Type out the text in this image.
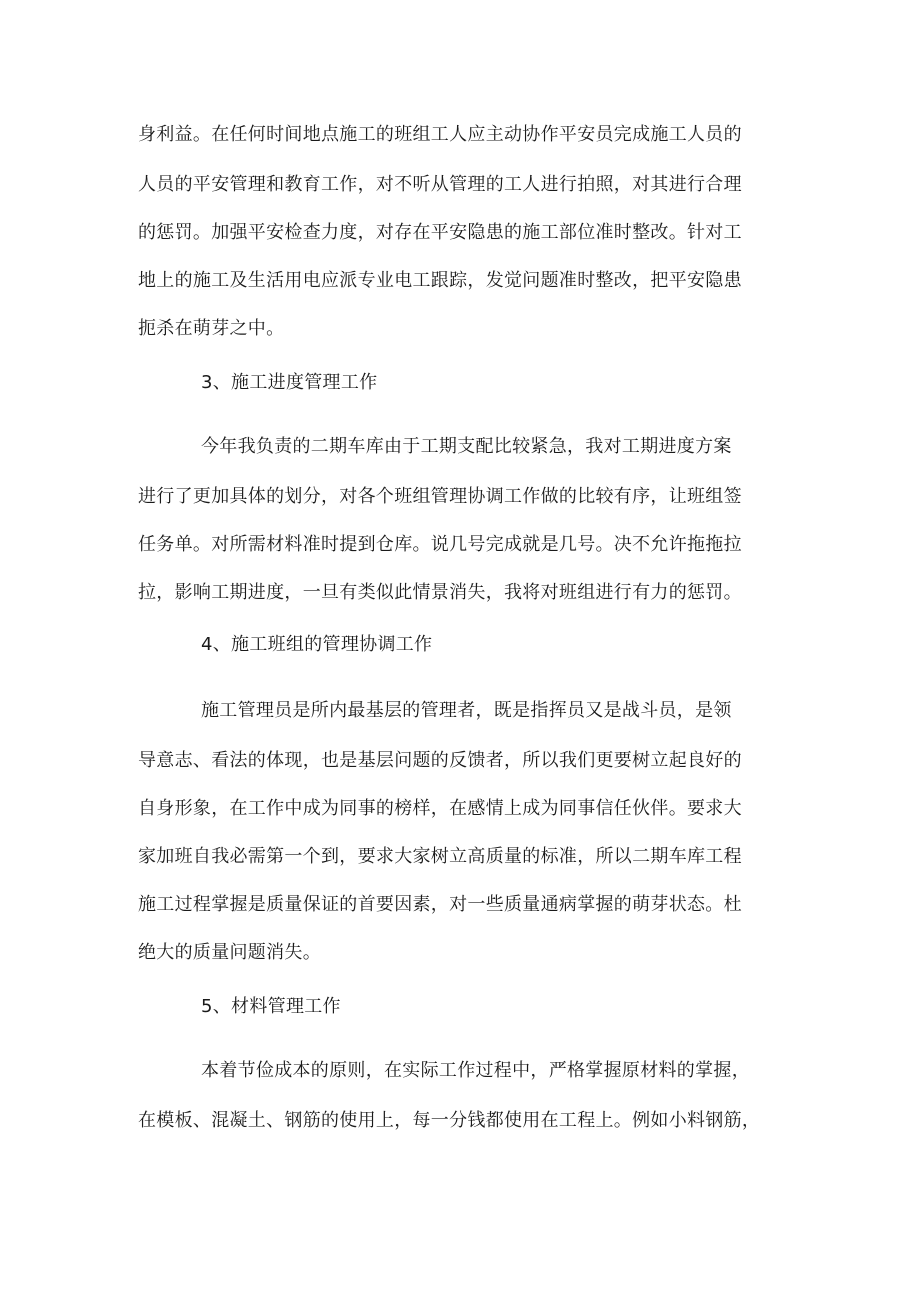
身利益。在任何时间地点施工的班组工人应主动协作平安员完成施工人员的
人员的平安管理和教育工作，对不听从管理的工人进行拍照，对其进行合理
的惩罚。加强平安检查力度，对存在平安隐患的施工部位准时整改。针对工
地上的施工及生活用电应派专业电工跟踪，发觉问题准时整改，把平安隐患
扼杀在萌芽之中。
3、施工进度管理工作
今年我负责的二期车库由于工期支配比较紧急，我对工期进度方案
进行了更加具体的划分，对各个班组管理协调工作做的比较有序，让班组签
任务单。对所需材料准时提到仓库。说几号完成就是几号。决不允许拖拖拉
拉，影响工期进度，一旦有类似此情景消失，我将对班组进行有力的惩罚。
4、施工班组的管理协调工作
施工管理员是所内最基层的管理者，既是指挥员又是战斗员，是领
导意志、看法的体现，也是基层问题的反馈者，所以我们更要树立起良好的
自身形象，在工作中成为同事的榜样，在感情上成为同事信任伙伴。要求大
家加班自我必需第一个到，要求大家树立高质量的标准，所以二期车库工程
施工过程掌握是质量保证的首要因素，对一些质量通病掌握的萌芽状态。杜
绝大的质量问题消失。
5、材料管理工作
本着节俭成本的原则，在实际工作过程中，严格掌握原材料的掌握，
在模板、混凝土、钢筋的使用上，每一分钱都使用在工程上。例如小料钢筋，
